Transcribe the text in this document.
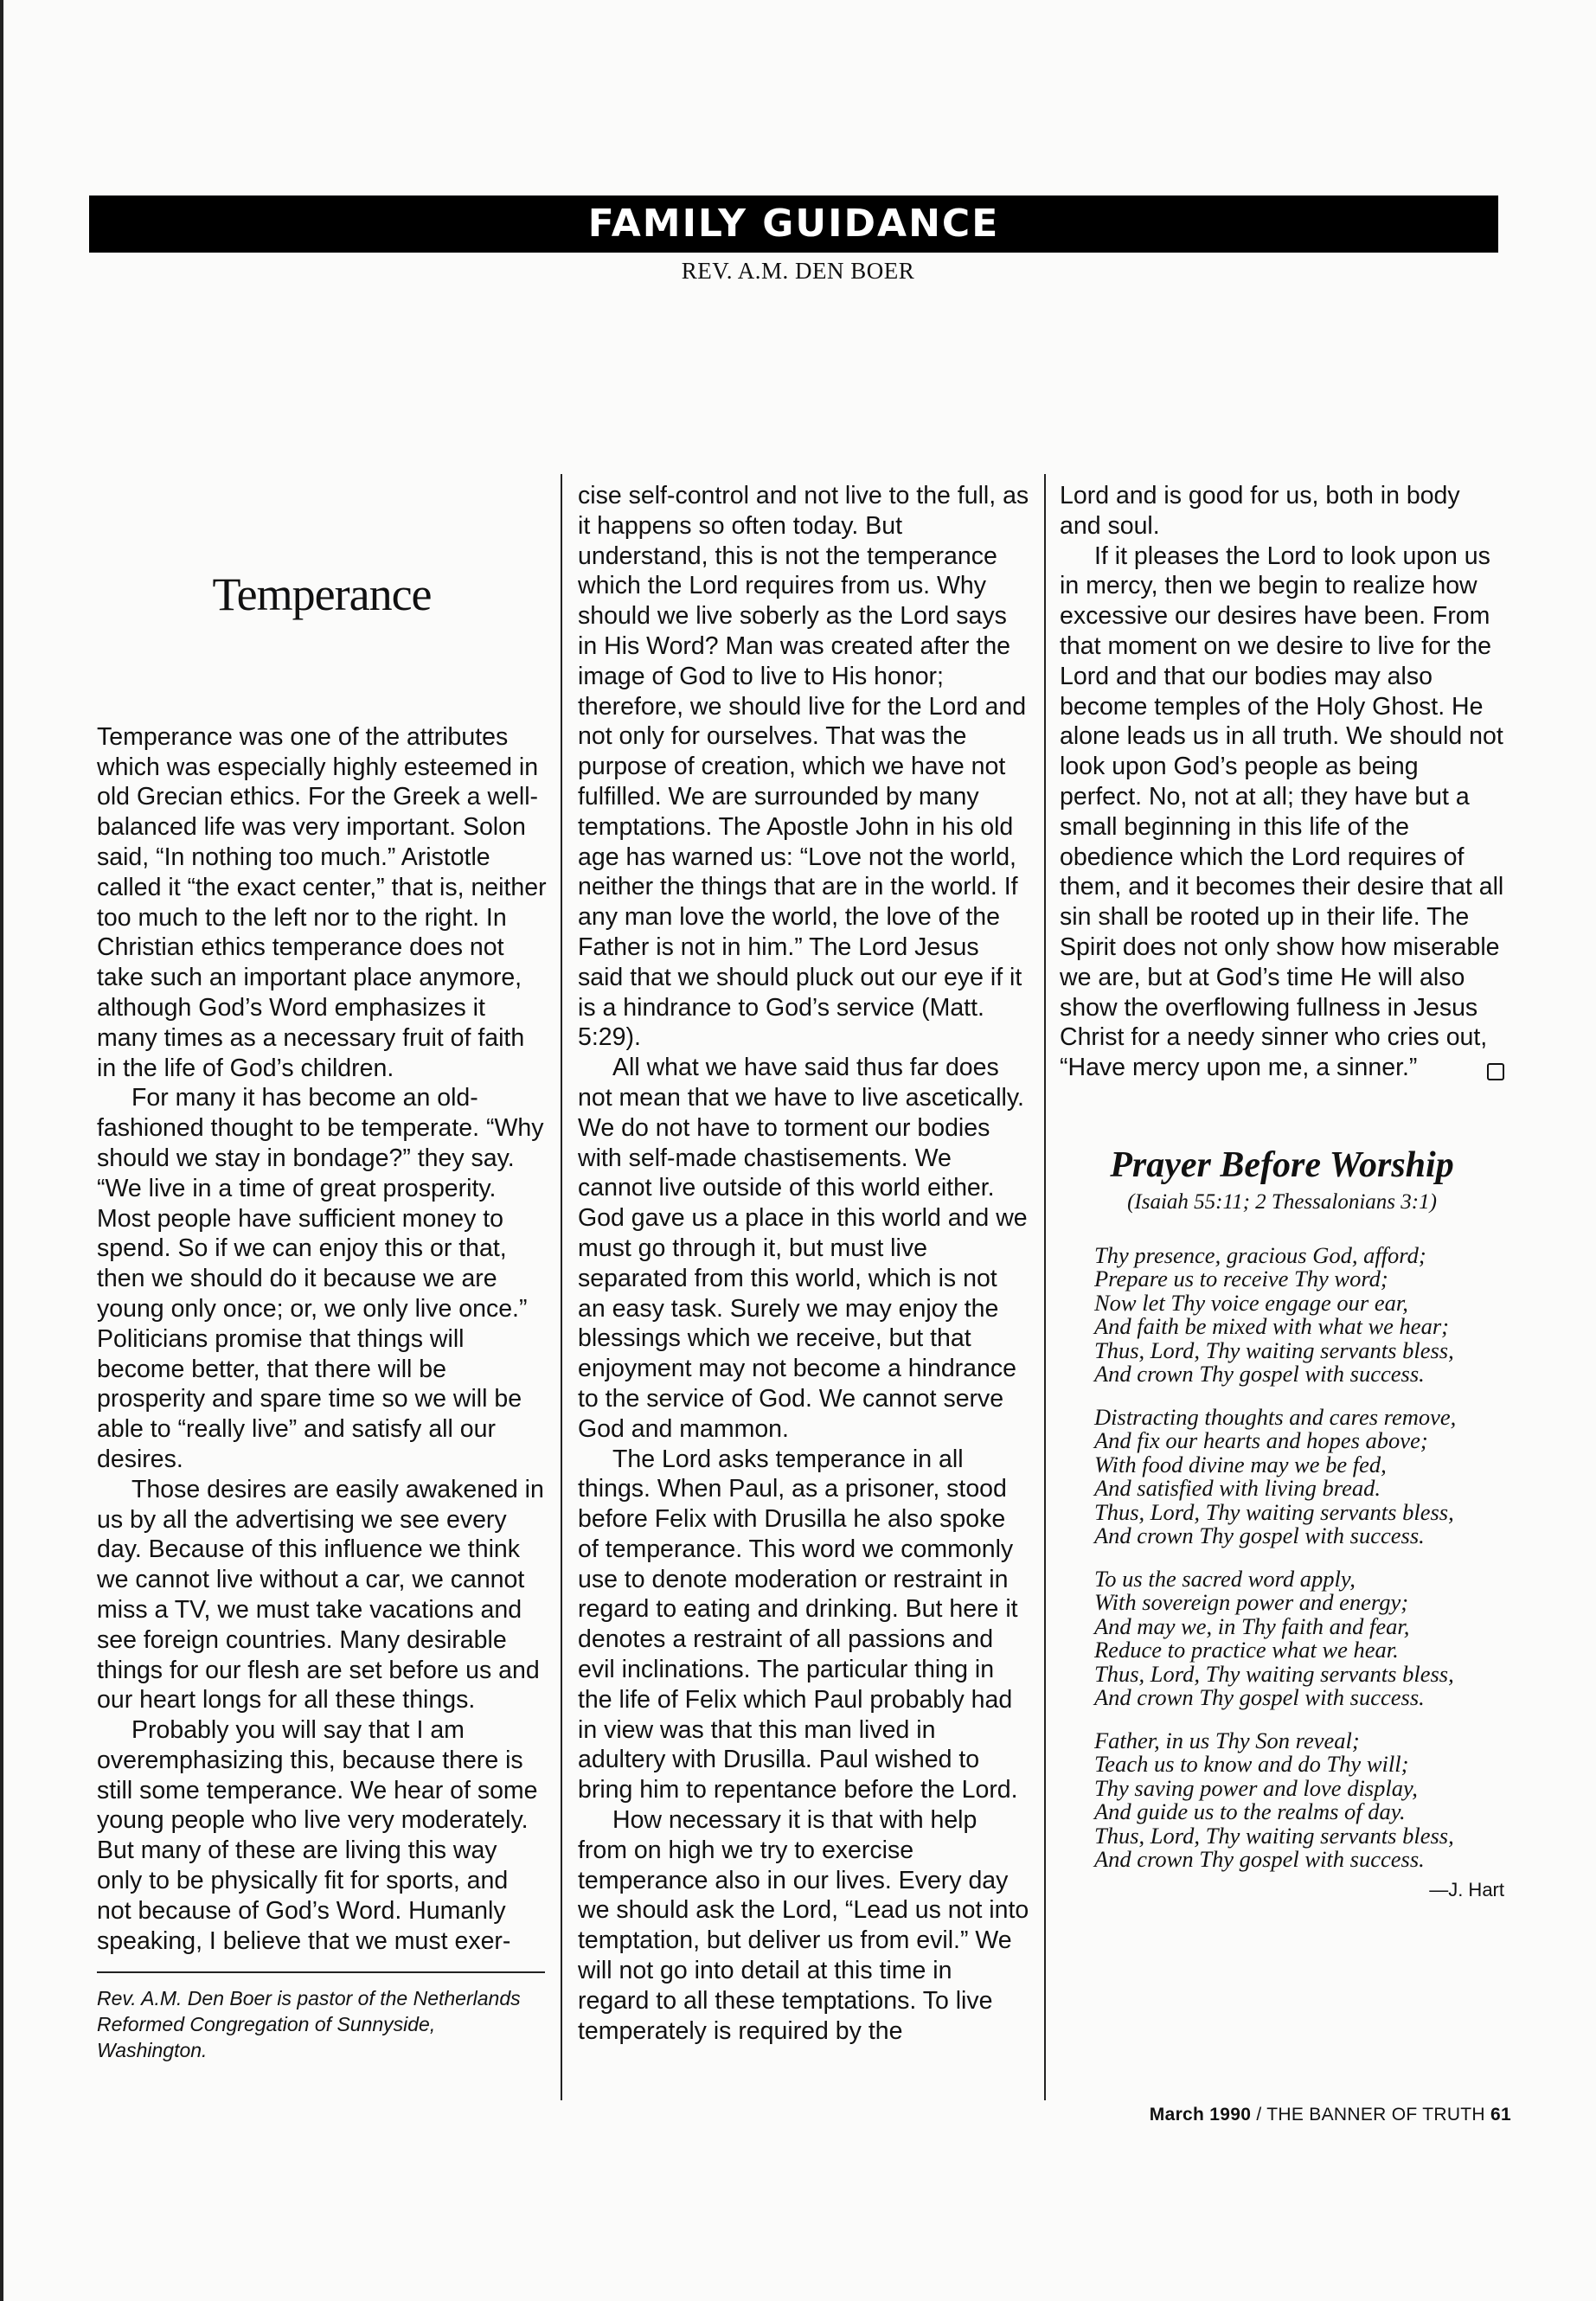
FAMILY GUIDANCE
REV. A.M. DEN BOER

Temperance

Temperance was one of the attributes which was especially highly esteemed in old Grecian ethics. For the Greek a well-balanced life was very important. Solon said, “In nothing too much.” Aristotle called it “the exact center,” that is, neither too much to the left nor to the right. In Christian ethics temperance does not take such an important place anymore, although God’s Word emphasizes it many times as a necessary fruit of faith in the life of God’s children.

For many it has become an old-fashioned thought to be temperate. “Why should we stay in bondage?” they say. “We live in a time of great prosperity. Most people have sufficient money to spend. So if we can enjoy this or that, then we should do it because we are young only once; or, we only live once.” Politicians promise that things will become better, that there will be prosperity and spare time so we will be able to “really live” and satisfy all our desires.

Those desires are easily awakened in us by all the advertising we see every day. Because of this influence we think we cannot live without a car, we cannot miss a TV, we must take vacations and see foreign countries. Many desirable things for our flesh are set before us and our heart longs for all these things.

Probably you will say that I am overemphasizing this, because there is still some temperance. We hear of some young people who live very moderately. But many of these are living this way only to be physically fit for sports, and not because of God’s Word. Humanly speaking, I believe that we must exer-

Rev. A.M. Den Boer is pastor of the Netherlands Reformed Congregation of Sunnyside, Washington.

cise self-control and not live to the full, as it happens so often today. But understand, this is not the temperance which the Lord requires from us. Why should we live soberly as the Lord says in His Word? Man was created after the image of God to live to His honor; therefore, we should live for the Lord and not only for ourselves. That was the purpose of creation, which we have not fulfilled. We are surrounded by many temptations. The Apostle John in his old age has warned us: “Love not the world, neither the things that are in the world. If any man love the world, the love of the Father is not in him.” The Lord Jesus said that we should pluck out our eye if it is a hindrance to God’s service (Matt. 5:29).

All what we have said thus far does not mean that we have to live ascetically. We do not have to torment our bodies with self-made chastisements. We cannot live outside of this world either. God gave us a place in this world and we must go through it, but must live separated from this world, which is not an easy task. Surely we may enjoy the blessings which we receive, but that enjoyment may not become a hindrance to the service of God. We cannot serve God and mammon.

The Lord asks temperance in all things. When Paul, as a prisoner, stood before Felix with Drusilla he also spoke of temperance. This word we commonly use to denote moderation or restraint in regard to eating and drinking. But here it denotes a restraint of all passions and evil inclinations. The particular thing in the life of Felix which Paul probably had in view was that this man lived in adultery with Drusilla. Paul wished to bring him to repentance before the Lord.

How necessary it is that with help from on high we try to exercise temperance also in our lives. Every day we should ask the Lord, “Lead us not into temptation, but deliver us from evil.” We will not go into detail at this time in regard to all these temptations. To live temperately is required by the

Lord and is good for us, both in body and soul.

If it pleases the Lord to look upon us in mercy, then we begin to realize how excessive our desires have been. From that moment on we desire to live for the Lord and that our bodies may also become temples of the Holy Ghost. He alone leads us in all truth. We should not look upon God’s people as being perfect. No, not at all; they have but a small beginning in this life of the obedience which the Lord requires of them, and it becomes their desire that all sin shall be rooted up in their life. The Spirit does not only show how miserable we are, but at God’s time He will also show the overflowing fullness in Jesus Christ for a needy sinner who cries out, “Have mercy upon me, a sinner.”

Prayer Before Worship

(Isaiah 55:11; 2 Thessalonians 3:1)

Thy presence, gracious God, afford;
Prepare us to receive Thy word;
Now let Thy voice engage our ear,
And faith be mixed with what we hear;
Thus, Lord, Thy waiting servants bless,
And crown Thy gospel with success.
Distracting thoughts and cares remove,
And fix our hearts and hopes above;
With food divine may we be fed,
And satisfied with living bread.
Thus, Lord, Thy waiting servants bless,
And crown Thy gospel with success.
To us the sacred word apply,
With sovereign power and energy;
And may we, in Thy faith and fear,
Reduce to practice what we hear.
Thus, Lord, Thy waiting servants bless,
And crown Thy gospel with success.
Father, in us Thy Son reveal;
Teach us to know and do Thy will;
Thy saving power and love display,
And guide us to the realms of day.
Thus, Lord, Thy waiting servants bless,
And crown Thy gospel with success.

—J. Hart

March 1990 / THE BANNER OF TRUTH 61
